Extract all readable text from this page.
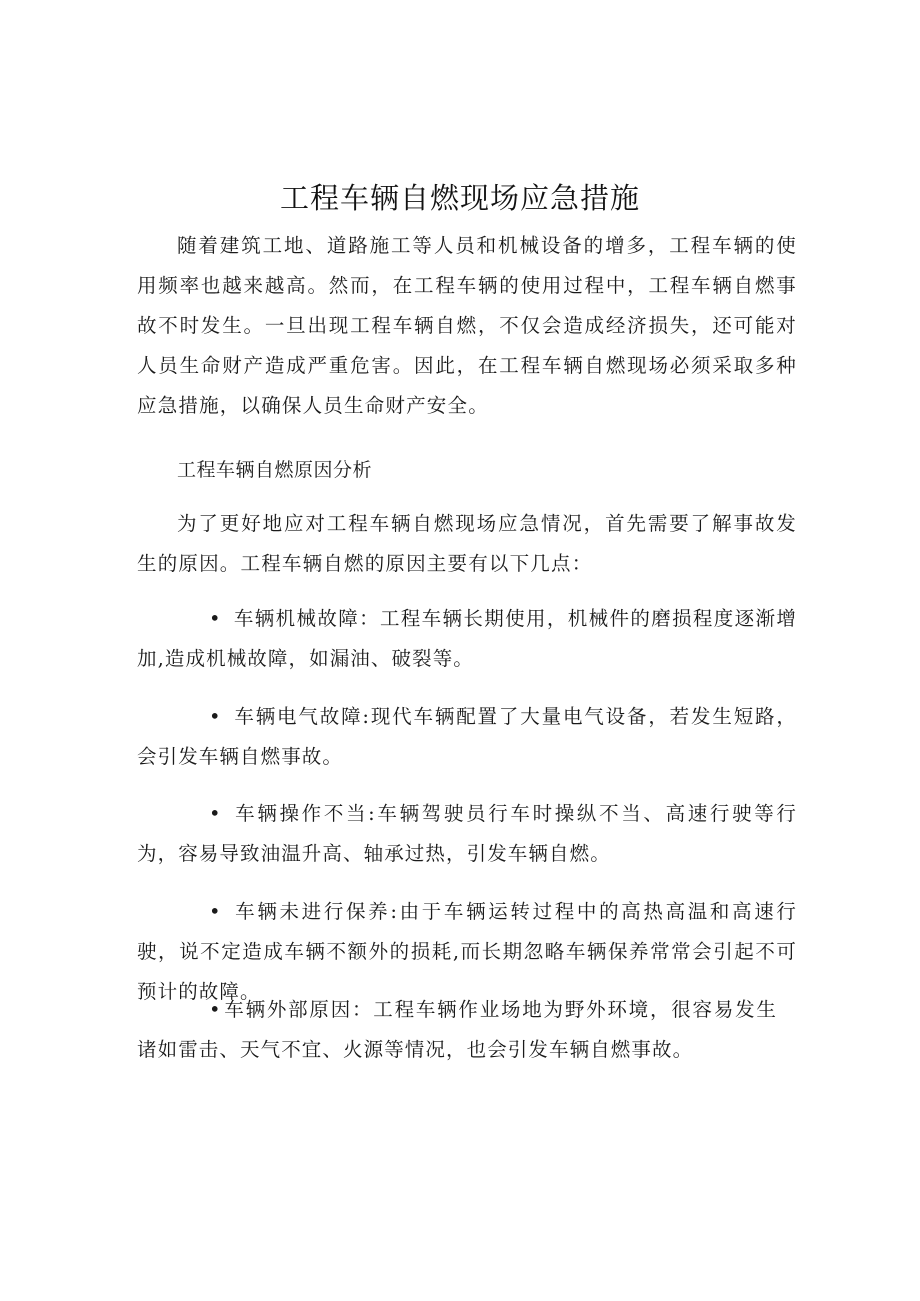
工程车辆自燃现场应急措施

随着建筑工地、道路施工等人员和机械设备的增多，工程车辆的使用频率也越来越高。然而，在工程车辆的使用过程中，工程车辆自燃事故不时发生。一旦出现工程车辆自燃，不仅会造成经济损失，还可能对人员生命财产造成严重危害。因此，在工程车辆自燃现场必须采取多种应急措施，以确保人员生命财产安全。

工程车辆自燃原因分析

为了更好地应对工程车辆自燃现场应急情况，首先需要了解事故发生的原因。工程车辆自燃的原因主要有以下几点：

• 车辆机械故障：工程车辆长期使用，机械件的磨损程度逐渐增加,造成机械故障，如漏油、破裂等。

• 车辆电气故障:现代车辆配置了大量电气设备，若发生短路，会引发车辆自燃事故。

• 车辆操作不当:车辆驾驶员行车时操纵不当、高速行驶等行为，容易导致油温升高、轴承过热，引发车辆自燃。

• 车辆未进行保养:由于车辆运转过程中的高热高温和高速行驶，说不定造成车辆不额外的损耗,而长期忽略车辆保养常常会引起不可预计的故障。

• 车辆外部原因：工程车辆作业场地为野外环境，很容易发生诸如雷击、天气不宜、火源等情况，也会引发车辆自燃事故。
